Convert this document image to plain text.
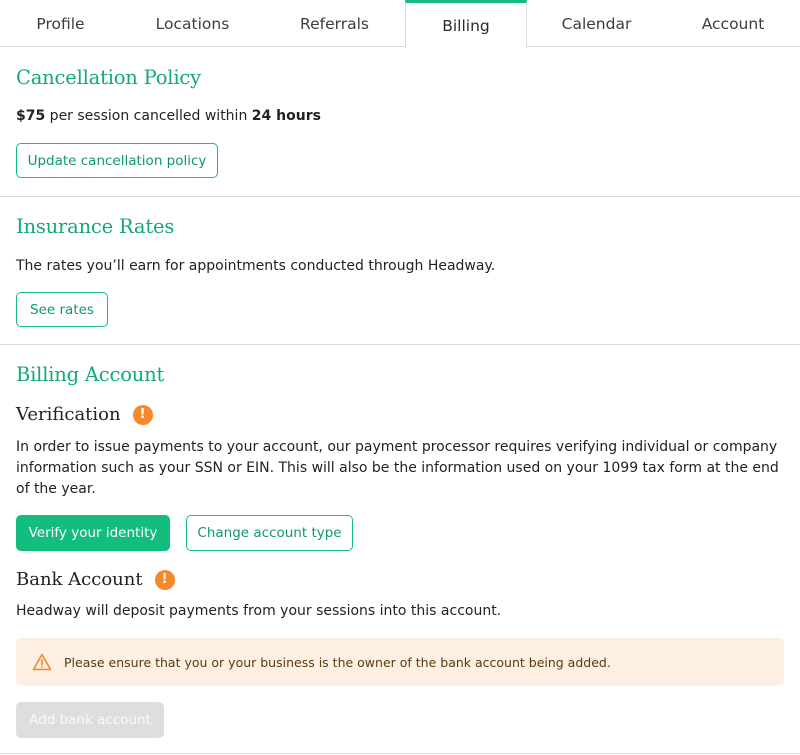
Profile	Locations	Referrals	Billing	Calendar	Account
Cancellation Policy
$75 per session cancelled within 24 hours
Update cancellation policy
Insurance Rates
The rates you’ll earn for appointments conducted through Headway.
See rates
Billing Account
Verification	!
In order to issue payments to your account, our payment processor requires verifying individual or company information such as your SSN or EIN. This will also be the information used on your 1099 tax form at the end of the year.
Verify your identity	Change account type
Bank Account	!
Headway will deposit payments from your sessions into this account.
Please ensure that you or your business is the owner of the bank account being added.
Add bank account
